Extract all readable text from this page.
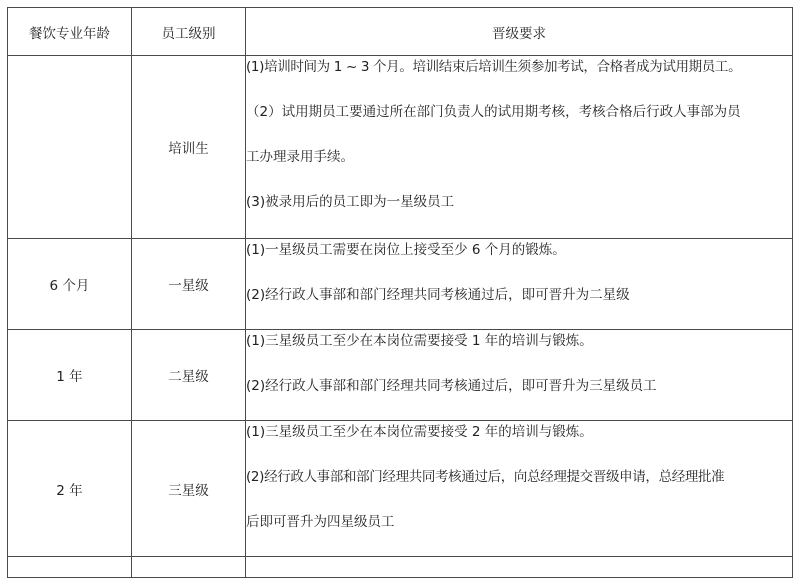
餐饮专业年龄	员工级别	晋级要求
	培训生	(1)培训时间为 1 ~ 3 个月。培训结束后培训生须参加考试，合格者成为试用期员工。
（2）试用期员工要通过所在部门负责人的试用期考核，考核合格后行政人事部为员
工办理录用手续。
(3)被录用后的员工即为一星级员工

6 个月	一星级	(1)一星级员工需要在岗位上接受至少 6 个月的锻炼。
(2)经行政人事部和部门经理共同考核通过后，即可晋升为二星级

1 年	二星级	(1)三星级员工至少在本岗位需要接受 1 年的培训与锻炼。
(2)经行政人事部和部门经理共同考核通过后，即可晋升为三星级员工

2 年	三星级	(1)三星级员工至少在本岗位需要接受 2 年的培训与锻炼。
(2)经行政人事部和部门经理共同考核通过后，向总经理提交晋级申请，总经理批准
后即可晋升为四星级员工
